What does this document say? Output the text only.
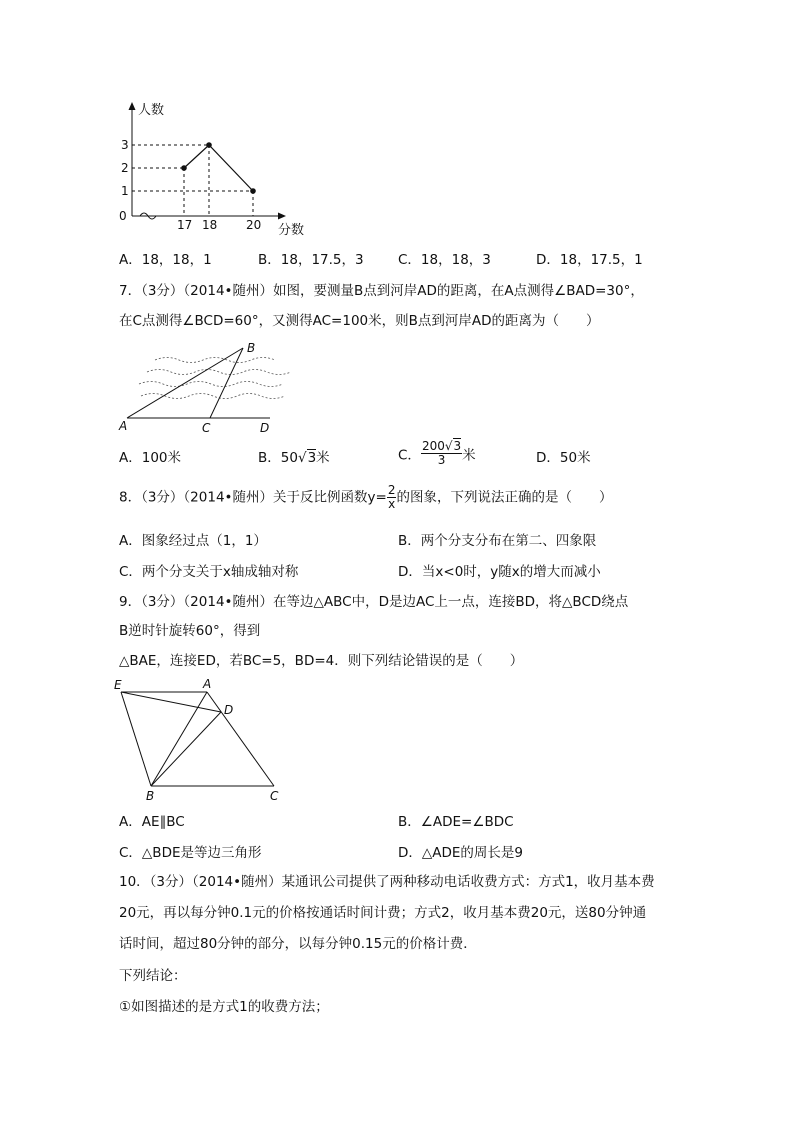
人数
分数
0
1
2
3
17 18 20
A．18，18，1	B．18，17.5，3	C．18，18，3	D．18，17.5，1
7．（3分）（2014•随州）如图，要测量B点到河岸AD的距离，在A点测得∠BAD=30°，
在C点测得∠BCD=60°，又测得AC=100米，则B点到河岸AD的距离为（　　）
A
B
C	D
A．100米	B．50√3米	C． $\frac{200√3}{3}$ 米	D．50米
8．（3分）（2014•随州）关于反比例函数$y= \frac{2}{x}$ 的图象，下列说法正确的是（　　）
A．图象经过点（1，1）	B．两个分支分布在第二、四象限
C．两个分支关于x轴成轴对称	D．当x<0时，y随x的增大而减小
9．（3分）（2014•随州）在等边△ABC中，D是边AC上一点，连接BD，将△BCD绕点
B逆时针旋转60°，得到
△BAE，连接ED，若BC=5，BD=4．则下列结论错误的是（　　）
E	A
D
B	C
A．AE∥BC	B．∠ADE=∠BDC
C．△BDE是等边三角形	D．△ADE的周长是9
10．（3分）（2014•随州）某通讯公司提供了两种移动电话收费方式：方式1，收月基本费
20元，再以每分钟0.1元的价格按通话时间计费；方式2，收月基本费20元，送80分钟通
话时间，超过80分钟的部分，以每分钟0.15元的价格计费．
下列结论：
①如图描述的是方式1的收费方法；
